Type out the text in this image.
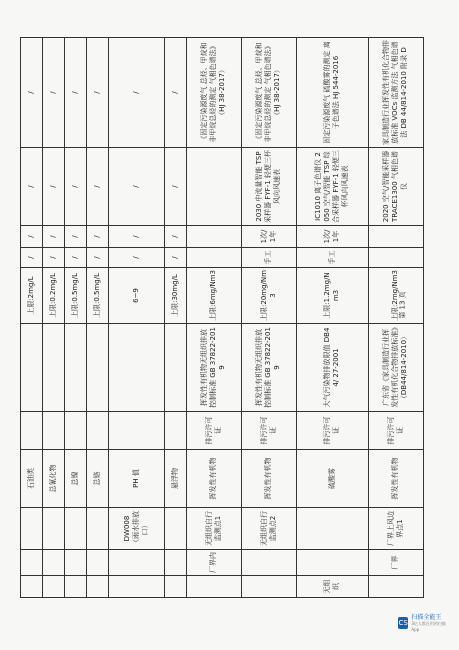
			石油类			上限:2mg/L	/	/	/	/
			总氰化物			上限:0.2mg/L	/	/	/	/
			总镍			上限:0.5mg/L	/	/	/	/
			总铬			上限:0.5mg/L	/	/	/	/
		DW008（雨水排放口）	PH 值			6~9	/	/	/	/
			悬浮物			上限:30mg/L	/	/	/	/
	厂界内	无组织自行监测点1	挥发性有机物	排污许可证	挥发性有机物无组织排放控制标准 GB 37822-2019	上限:6mg/Nm3				《固定污染源废气 总烃、甲烷和非甲烷总烃的测定 气相色谱法》（HJ 38-2017）
		无组织自行监测点2	挥发性有机物	排污许可证	挥发性有机物无组织排放控制标准 GB 37822-2019	上限:20mg/Nm3	手工	1次/1年	2030 中流量智能 TSP 采样器 FYF-1 轻便三杯风向风速表	《固定污染源废气 总烃、甲烷和非甲烷总烃的测定 气相色谱法》（HJ 38-2017）
无组织			硫酸雾	排污许可证	大气污染物排放限值 DB44/ 27-2001	上限:1.2mg/Nm3	手工	1次/1年	IC1010 离子色谱仪 2050 空气/智能 TSP 综合采样器 FYF-1 轻便三杯风向风速表	固定污染源废气 硫酸雾的测定 离子色谱法 HJ 544-2016
	厂界	厂界上风边界点1	挥发性有机物	排污许可证	广东省《家具制造行业挥发性有机化合物排放标准》（DB44/814-2010）	上限:2mg/Nm3			2020 空气/智能采样器 TRACE1300 气相色谱仪	家具制造行业挥发性有机化合物排放标准 VOCs 监测方法 气相色谱法 DB 44/814-2010 附录 D
第 13 页
CS
扫描全能王
3亿人都在用的扫描App
